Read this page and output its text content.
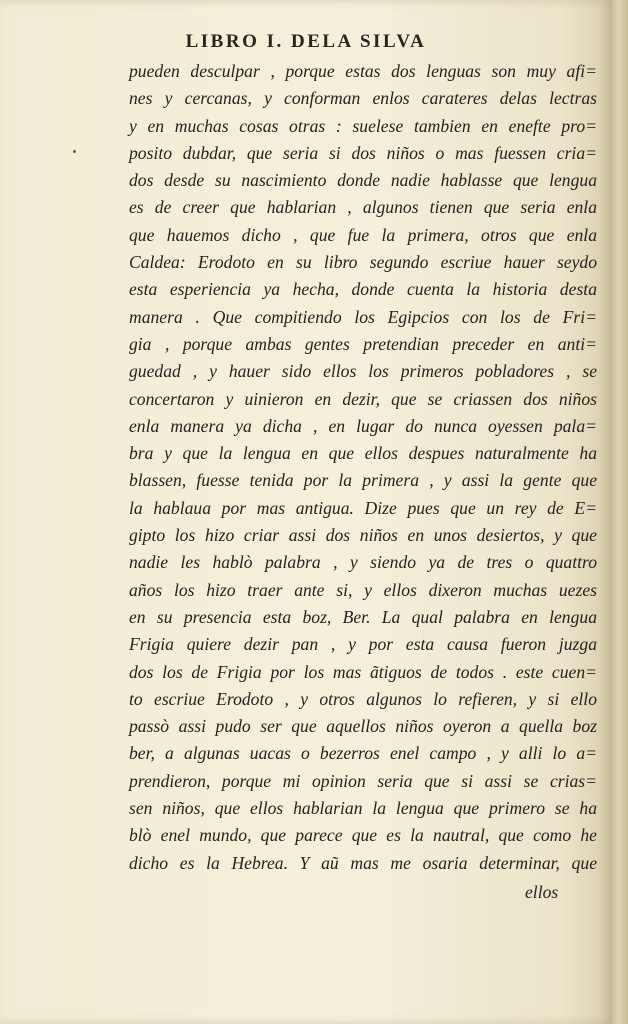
LIBRO I. DELA SILVA
pueden desculpar , porque estas dos lenguas son muy afi=
nes y cercanas, y conforman enlos carateres delas lectras
y en muchas cosas otras : suelese tambien en enefte pro=
posito dubdar, que seria si dos niños o mas fuessen cria=
dos desde su nascimiento donde nadie hablasse que lengua
es de creer que hablarian , algunos tienen que seria enla
que hauemos dicho , que fue la primera, otros que enla
Caldea: Erodoto en su libro segundo escriue hauer seydo
esta esperiencia ya hecha, donde cuenta la historia desta
manera . Que compitiendo los Egipcios con los de Fri=
gia , porque ambas gentes pretendian preceder en anti=
guedad , y hauer sido ellos los primeros pobladores , se
concertaron y uinieron en dezir, que se criassen dos niños
enla manera ya dicha , en lugar do nunca oyessen pala=
bra y que la lengua en que ellos despues naturalmente ha
blassen, fuesse tenida por la primera , y assi la gente que
la hablaua por mas antigua. Dize pues que un rey de E=
gipto los hizo criar assi dos niños en unos desiertos, y que
nadie les hablò palabra , y siendo ya de tres o quattro
años los hizo traer ante si, y ellos dixeron muchas uezes
en su presencia esta boz, Ber. La qual palabra en lengua
Frigia quiere dezir pan , y por esta causa fueron juzga
dos los de Frigia por los mas ãtiguos de todos . este cuen=
to escriue Erodoto , y otros algunos lo refieren, y si ello
passò assi pudo ser que aquellos niños oyeron a quella boz
ber, a algunas uacas o bezerros enel campo , y alli lo a=
prendieron, porque mi opinion seria que si assi se crias=
sen niños, que ellos hablarian la lengua que primero se ha
blò enel mundo, que parece que es la nautral, que como he
dicho es la Hebrea. Y aũ mas me osaria determinar, que
ellos
